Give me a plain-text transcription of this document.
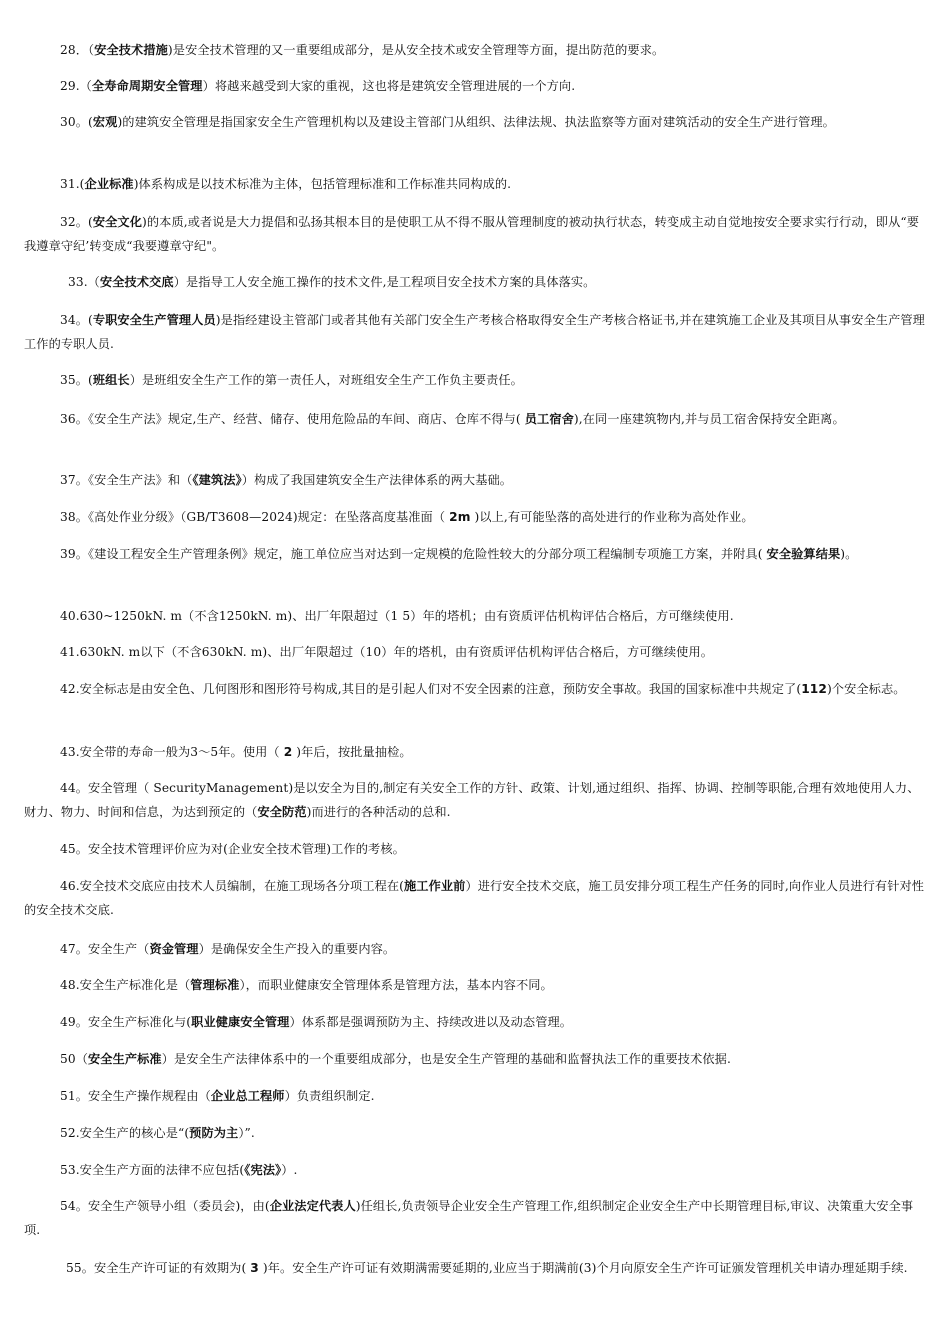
28．（安全技术措施)是安全技术管理的又一重要组成部分，是从安全技术或安全管理等方面，提出防范的要求。

29.（全寿命周期安全管理）将越来越受到大家的重视，这也将是建筑安全管理进展的一个方向.

30。(宏观)的建筑安全管理是指国家安全生产管理机构以及建设主管部门从组织、法律法规、执法监察等方面对建筑活动的安全生产进行管理。

31.(企业标准)体系构成是以技术标准为主体，包括管理标准和工作标准共同构成的.

32。(安全文化)的本质,或者说是大力提倡和弘扬其根本目的是使职工从不得不服从管理制度的被动执行状态，转变成主动自觉地按安全要求实行行动，即从“要我遵章守纪’转变成“我要遵章守纪"。

33.（安全技术交底）是指导工人安全施工操作的技术文件,是工程项目安全技术方案的具体落实。

34。(专职安全生产管理人员)是指经建设主管部门或者其他有关部门安全生产考核合格取得安全生产考核合格证书,并在建筑施工企业及其项目从事安全生产管理工作的专职人员.

35。(班组长）是班组安全生产工作的第一责任人，对班组安全生产工作负主要责任。

36。《安全生产法》规定,生产、经营、储存、使用危险品的车间、商店、仓库不得与( 员工宿舍),在同一座建筑物内,并与员工宿舍保持安全距离。

37。《安全生产法》和（《建筑法》）构成了我国建筑安全生产法律体系的两大基础。

38。《高处作业分级》（GB/T3608—2024)规定：在坠落高度基准面（ 2m )以上,有可能坠落的高处进行的作业称为高处作业。

39。《建设工程安全生产管理条例》规定，施工单位应当对达到一定规模的危险性较大的分部分项工程编制专项施工方案，并附具( 安全验算结果)。

40.630~1250kN. m（不含1250kN. m)、出厂年限超过（1 5）年的塔机；由有资质评估机构评估合格后，方可继续使用.

41.630kN. m以下（不含630kN. m)、出厂年限超过（10）年的塔机，由有资质评估机构评估合格后，方可继续使用。

42.安全标志是由安全色、几何图形和图形符号构成,其目的是引起人们对不安全因素的注意，预防安全事故。我国的国家标准中共规定了(112)个安全标志。

43.安全带的寿命一般为3～5年。使用（ 2 )年后，按批量抽检。

44。安全管理（ SecurityManagement)是以安全为目的,制定有关安全工作的方针、政策、计划,通过组织、指挥、协调、控制等职能,合理有效地使用人力、财力、物力、时间和信息，为达到预定的（安全防范)而进行的各种活动的总和.

45。安全技术管理评价应为对(企业安全技术管理)工作的考核。

46.安全技术交底应由技术人员编制，在施工现场各分项工程在(施工作业前）进行安全技术交底，施工员安排分项工程生产任务的同时,向作业人员进行有针对性的安全技术交底.

47。安全生产（资金管理）是确保安全生产投入的重要内容。

48.安全生产标准化是（管理标准），而职业健康安全管理体系是管理方法，基本内容不同。

49。安全生产标准化与(职业健康安全管理）体系都是强调预防为主、持续改进以及动态管理。

50（安全生产标准）是安全生产法律体系中的一个重要组成部分，也是安全生产管理的基础和监督执法工作的重要技术依据.

51。安全生产操作规程由（企业总工程师）负责组织制定.

52.安全生产的核心是“(预防为主）”.

53.安全生产方面的法律不应包括(《宪法》）.

54。安全生产领导小组（委员会)，由(企业法定代表人)任组长,负责领导企业安全生产管理工作,组织制定企业安全生产中长期管理目标,审议、决策重大安全事项.

55。安全生产许可证的有效期为( 3 )年。安全生产许可证有效期满需要延期的,业应当于期满前(3)个月向原安全生产许可证颁发管理机关申请办理延期手续.
